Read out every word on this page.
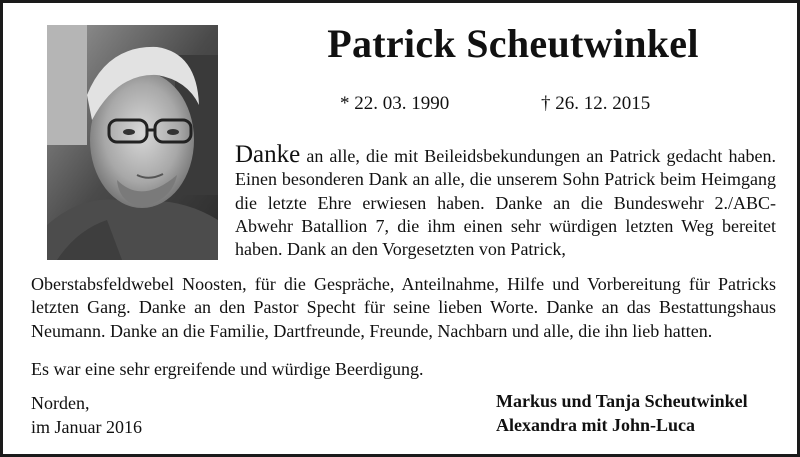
Patrick Scheutwinkel
* 22. 03. 1990	† 26. 12. 2015

Danke an alle, die mit Beileidsbekundungen an Patrick gedacht haben. Einen besonderen Dank an alle, die unserem Sohn Patrick beim Heimgang die letzte Ehre erwiesen haben. Danke an die Bundeswehr 2./ABC-Abwehr Batallion 7, die ihm einen sehr würdigen letzten Weg bereitet haben. Dank an den Vorgesetzten von Patrick,

Oberstabsfeldwebel Noosten, für die Gespräche, Anteilnahme, Hilfe und Vorbereitung für Patricks letzten Gang. Danke an den Pastor Specht für seine lieben Worte. Danke an das Bestattungshaus Neumann. Danke an die Familie, Dartfreunde, Freunde, Nachbarn und alle, die ihn lieb hatten.

Es war eine sehr ergreifende und würdige Beerdigung.
Norden,
im Januar 2016
Markus und Tanja Scheutwinkel
Alexandra mit John-Luca
